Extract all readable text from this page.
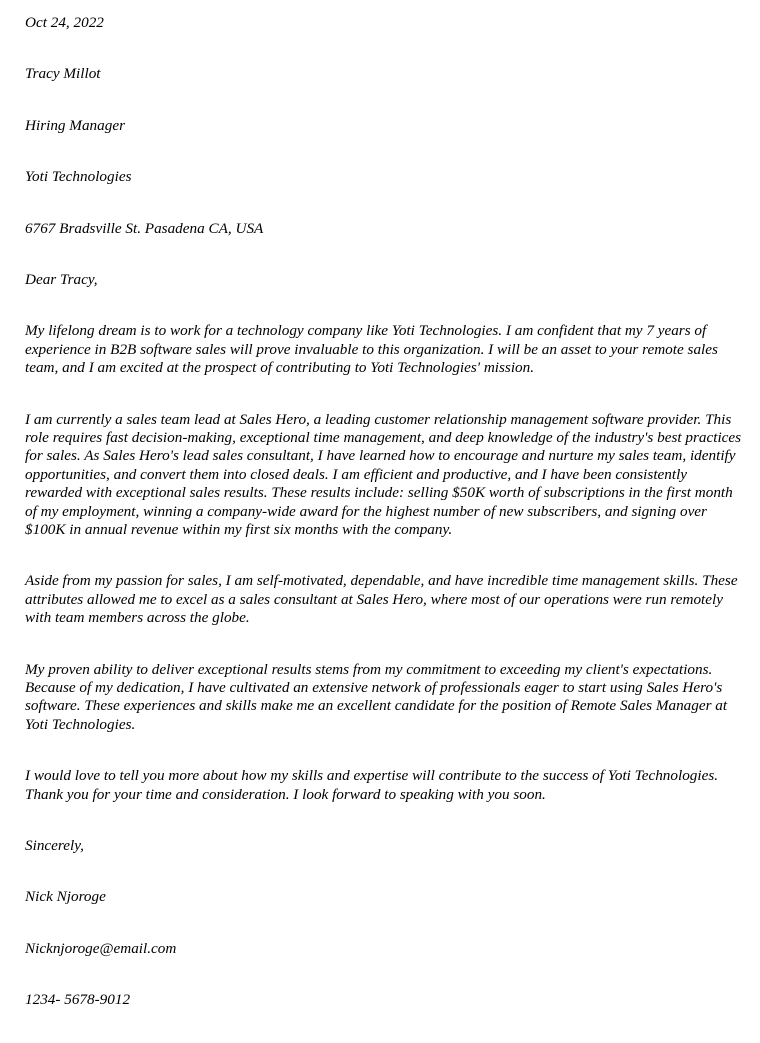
Oct 24, 2022

Tracy Millot

Hiring Manager

Yoti Technologies

6767 Bradsville St. Pasadena CA, USA

Dear Tracy,

My lifelong dream is to work for a technology company like Yoti Technologies. I am confident that my 7 years of experience in B2B software sales will prove invaluable to this organization. I will be an asset to your remote sales team, and I am excited at the prospect of contributing to Yoti Technologies' mission.

I am currently a sales team lead at Sales Hero, a leading customer relationship management software provider. This role requires fast decision-making, exceptional time management, and deep knowledge of the industry's best practices for sales. As Sales Hero's lead sales consultant, I have learned how to encourage and nurture my sales team, identify opportunities, and convert them into closed deals. I am efficient and productive, and I have been consistently rewarded with exceptional sales results. These results include: selling $50K worth of subscriptions in the first month of my employment, winning a company-wide award for the highest number of new subscribers, and signing over $100K in annual revenue within my first six months with the company.

Aside from my passion for sales, I am self-motivated, dependable, and have incredible time management skills. These attributes allowed me to excel as a sales consultant at Sales Hero, where most of our operations were run remotely with team members across the globe.

My proven ability to deliver exceptional results stems from my commitment to exceeding my client's expectations. Because of my dedication, I have cultivated an extensive network of professionals eager to start using Sales Hero's software. These experiences and skills make me an excellent candidate for the position of Remote Sales Manager at Yoti Technologies.

I would love to tell you more about how my skills and expertise will contribute to the success of Yoti Technologies. Thank you for your time and consideration. I look forward to speaking with you soon.

Sincerely,

Nick Njoroge

Nicknjoroge@email.com

1234- 5678-9012
